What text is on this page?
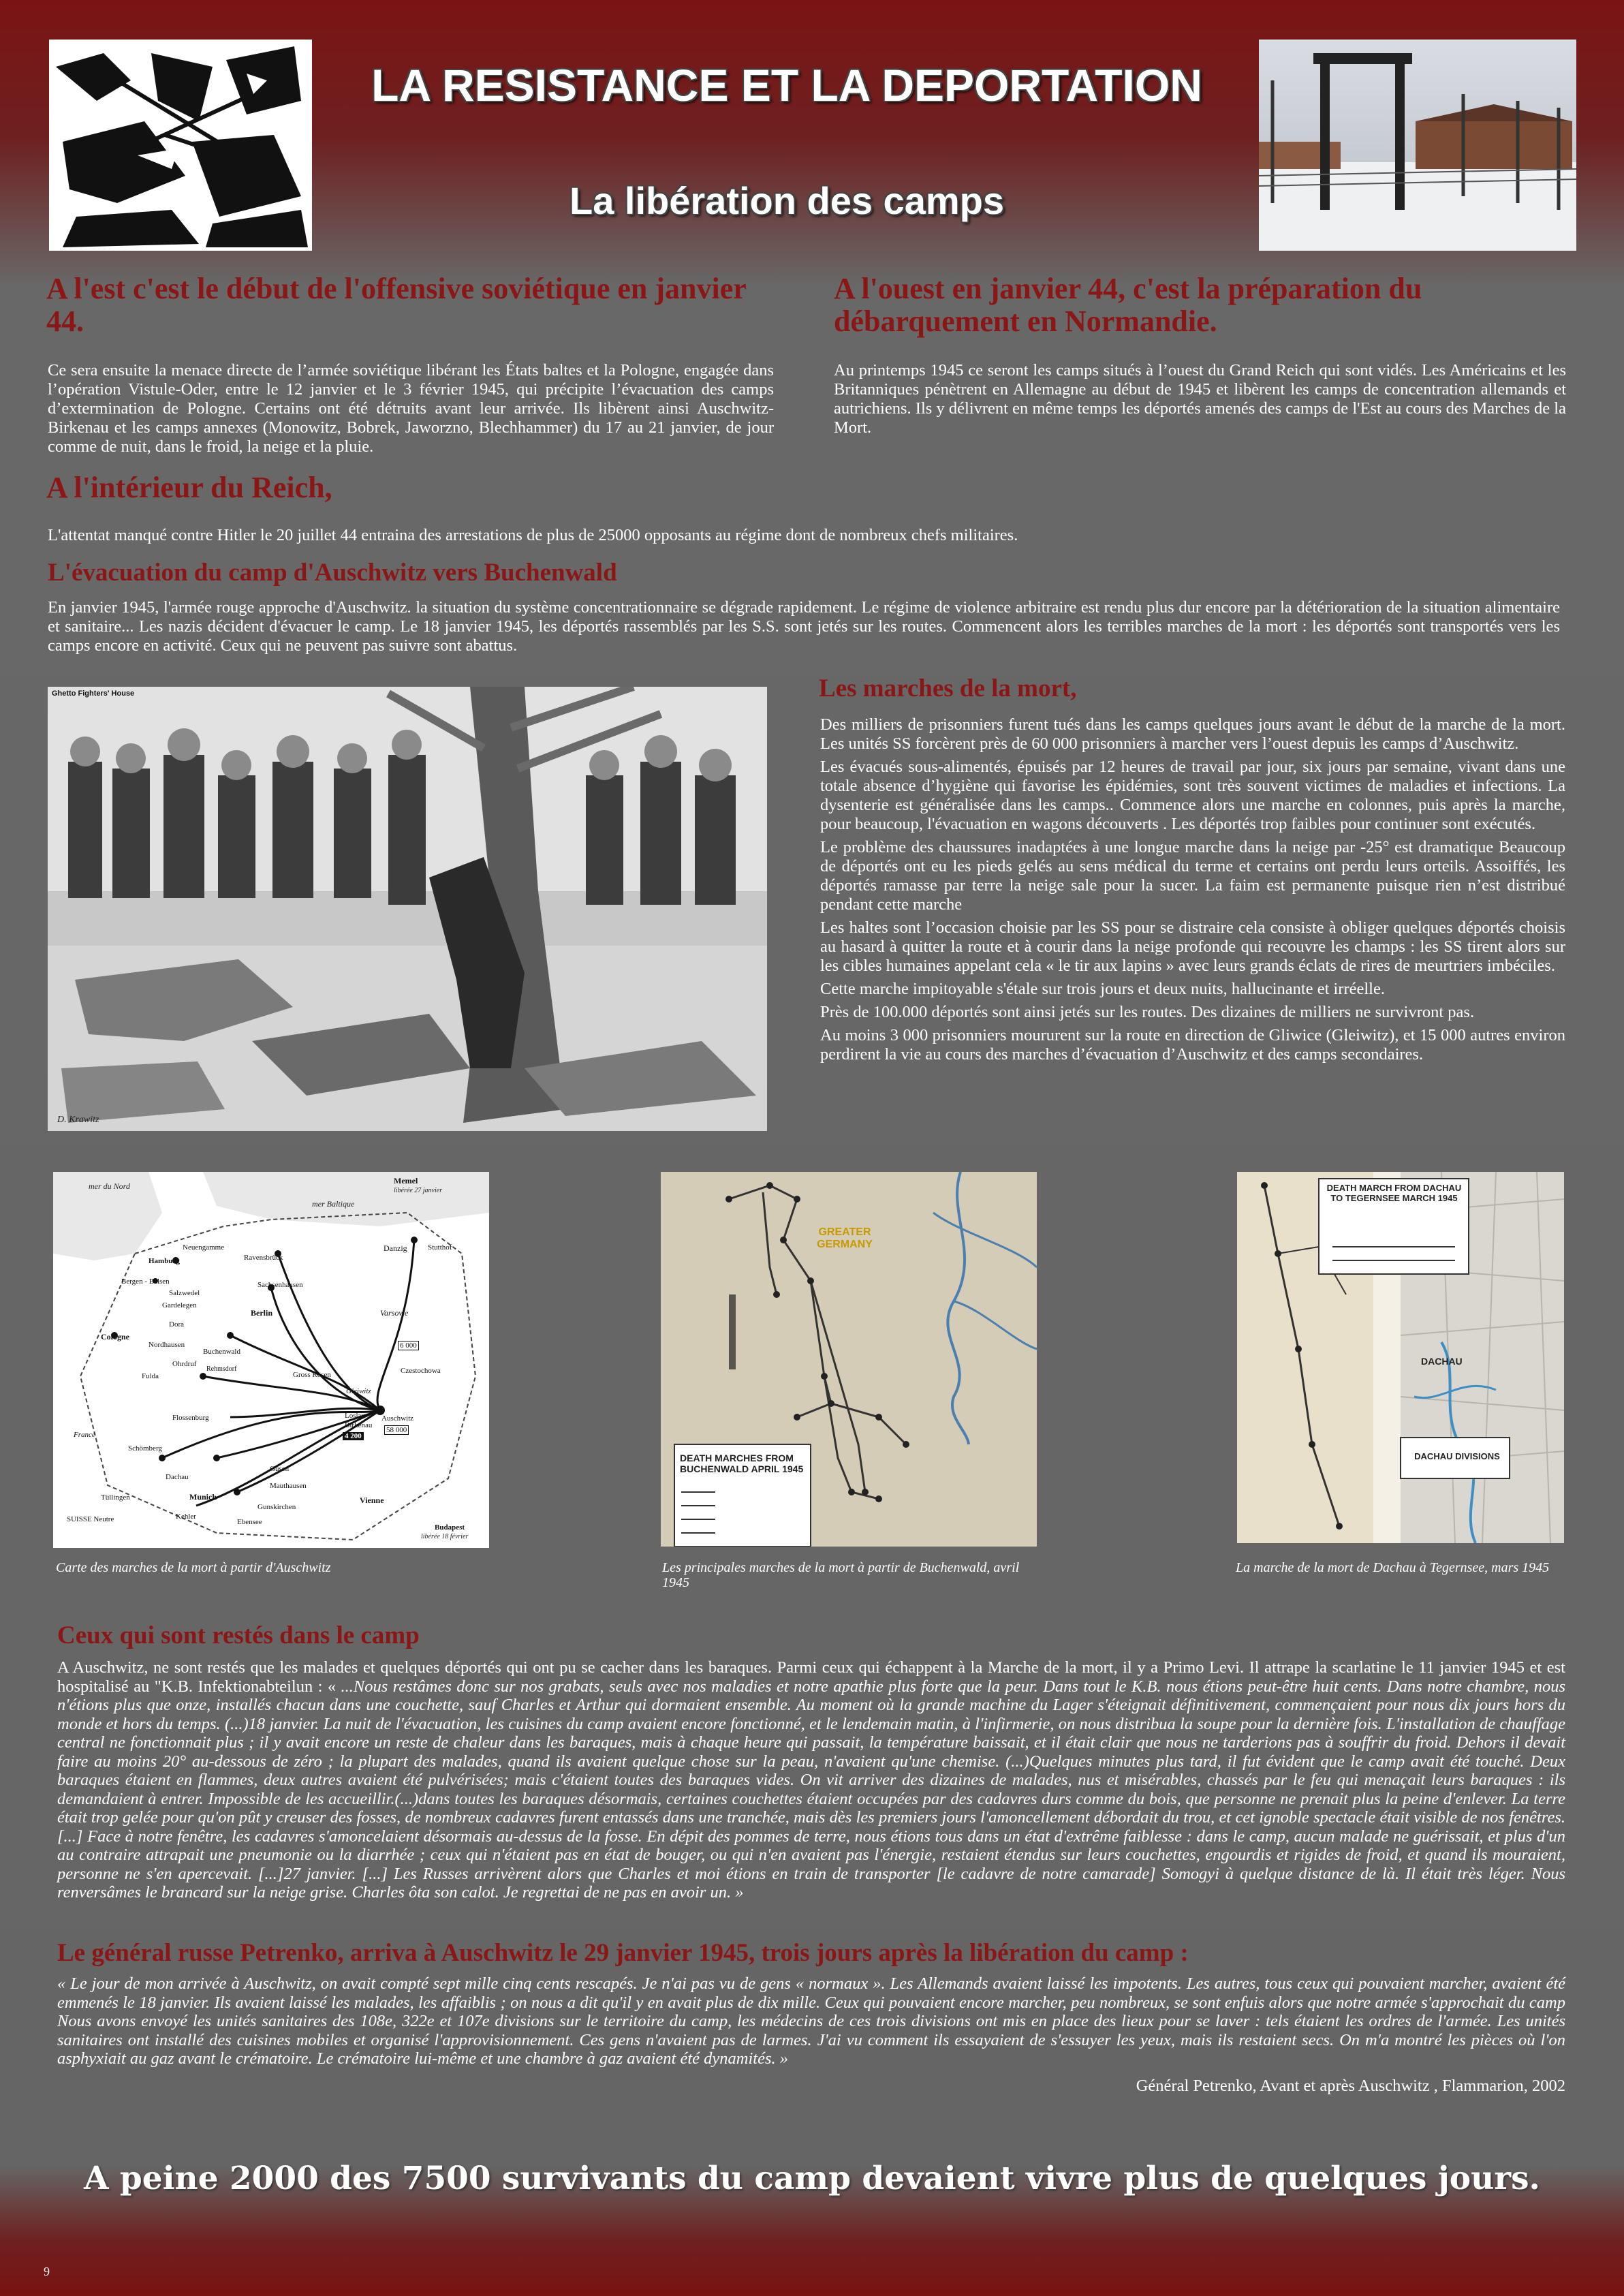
LA RESISTANCE ET LA DEPORTATION
La libération des camps
A l'est c'est le début de l'offensive soviétique en janvier 44.
Ce sera ensuite la menace directe de l’armée soviétique libérant les États baltes et la Pologne, engagée dans l’opération Vistule-Oder, entre le 12 janvier et le 3 février 1945, qui précipite l’évacuation des camps d’extermination de Pologne. Certains ont été détruits avant leur arrivée. Ils libèrent ainsi Auschwitz-Birkenau et les camps annexes (Monowitz, Bobrek, Jaworzno, Blechhammer) du 17 au 21 janvier, de jour comme de nuit, dans le froid, la neige et la pluie.
A l'ouest en janvier 44, c'est la préparation du débarquement en Normandie.
Au printemps 1945 ce seront les camps situés à l’ouest du Grand Reich qui sont vidés. Les Américains et les Britanniques pénètrent en Allemagne au début de 1945 et libèrent les camps de concentration allemands et autrichiens. Ils y délivrent en même temps les déportés amenés des camps de l'Est au cours des Marches de la Mort.
A l'intérieur du Reich,
L'attentat manqué contre Hitler le 20 juillet 44 entraina des arrestations de plus de 25000 opposants au régime dont de nombreux chefs militaires.
L'évacuation du camp d'Auschwitz vers Buchenwald
En janvier 1945, l'armée rouge approche d'Auschwitz. la situation du système concentrationnaire se dégrade rapidement. Le régime de violence arbitraire est rendu plus dur encore par la détérioration de la situation alimentaire et sanitaire... Les nazis décident d'évacuer le camp. Le 18 janvier 1945, les déportés rassemblés par les S.S. sont jetés sur les routes. Commencent alors les terribles marches de la mort : les déportés sont transportés vers les camps encore en activité. Ceux qui ne peuvent pas suivre sont abattus.
Ghetto Fighters' House
D. Krawitz
Les marches de la mort,

Des milliers de prisonniers furent tués dans les camps quelques jours avant le début de la marche de la mort. Les unités SS forcèrent près de 60 000 prisonniers à marcher vers l’ouest depuis les camps d’Auschwitz.

Les évacués sous-alimentés, épuisés par 12 heures de travail par jour, six jours par semaine, vivant dans une totale absence d’hygiène qui favorise les épidémies, sont très souvent victimes de maladies et infections. La dysenterie est généralisée dans les camps.. Commence alors une marche en colonnes, puis après la marche, pour beaucoup, l'évacuation en wagons découverts . Les déportés trop faibles pour continuer sont exécutés.

Le problème des chaussures inadaptées à une longue marche dans la neige par -25° est dramatique Beaucoup de déportés ont eu les pieds gelés au sens médical du terme et certains ont perdu leurs orteils. Assoiffés, les déportés ramasse par terre la neige sale pour la sucer. La faim est permanente puisque rien n’est distribué pendant cette marche

Les haltes sont l’occasion choisie par les SS pour se distraire cela consiste à obliger quelques déportés choisis au hasard à quitter la route et à courir dans la neige profonde qui recouvre les champs : les SS tirent alors sur les cibles humaines appelant cela « le tir aux lapins » avec leurs grands éclats de rires de meurtriers imbéciles.

Cette marche impitoyable s'étale sur trois jours et deux nuits, hallucinante et irréelle.

Près de 100.000 déportés sont ainsi jetés sur les routes. Des dizaines de milliers ne survivront pas.

Au moins 3 000 prisonniers moururent sur la route en direction de Gliwice (Gleiwitz), et 15 000 autres environ perdirent la vie au cours des marches d’évacuation d’Auschwitz et des camps secondaires.

mer du Nord
mer Baltique
Memel
libérée 27 janvier
Danzig	Stutthof
Neuengamme
Ravensbrück
Hamburg
Sachsenhausen
Bergen - Belsen
Salzwedel
Gardelegen
Berlin
Dora
Varsovie
Cologne
Nordhausen
Buchenwald
Ohrdruf
Rehmsdorf
Fulda	Gross Rosen
6 000
Czestochowa
Gleiwitz
Flossenburg	Loslau
Birkenau
4 200
Auschwitz
58 000
France
Schömberg
Dachau
Munich
Gusen
Mauthausen
Vienne
Gunskirchen
Ebensee
Tüllingen
Kehler
SUISSE Neutre
Budapest
libérée 18 février
Carte des marches de la mort à partir d'Auschwitz
GREATER GERMANY
DEATH MARCHES FROM BUCHENWALD APRIL 1945
Les principales marches de la mort à partir de Buchenwald, avril 1945
DEATH MARCH FROM DACHAU TO TEGERNSEE MARCH 1945
DACHAU
DACHAU DIVISIONS
La marche de la mort de Dachau à Tegernsee, mars 1945
Ceux qui sont restés dans le camp
A Auschwitz, ne sont restés que les malades et quelques déportés qui ont pu se cacher dans les baraques. Parmi ceux qui échappent à la Marche de la mort, il y a Primo Levi. Il attrape la scarlatine le 11 janvier 1945 et est hospitalisé au "K.B. Infektionabteilun : « ...Nous restâmes donc sur nos grabats, seuls avec nos maladies et notre apathie plus forte que la peur. Dans tout le K.B. nous étions peut-être huit cents. Dans notre chambre, nous n'étions plus que onze, installés chacun dans une couchette, sauf Charles et Arthur qui dormaient ensemble. Au moment où la grande machine du Lager s'éteignait définitivement, commençaient pour nous dix jours hors du monde et hors du temps. (...)18 janvier. La nuit de l'évacuation, les cuisines du camp avaient encore fonctionné, et le lendemain matin, à l'infirmerie, on nous distribua la soupe pour la dernière fois. L'installation de chauffage central ne fonctionnait plus ; il y avait encore un reste de chaleur dans les baraques, mais à chaque heure qui passait, la température baissait, et il était clair que nous ne tarderions pas à souffrir du froid. Dehors il devait faire au moins 20° au-dessous de zéro ; la plupart des malades, quand ils avaient quelque chose sur la peau, n'avaient qu'une chemise. (...)Quelques minutes plus tard, il fut évident que le camp avait été touché. Deux baraques étaient en flammes, deux autres avaient été pulvérisées; mais c'étaient toutes des baraques vides. On vit arriver des dizaines de malades, nus et misérables, chassés par le feu qui menaçait leurs baraques : ils demandaient à entrer. Impossible de les accueillir.(...)dans toutes les baraques désormais, certaines couchettes étaient occupées par des cadavres durs comme du bois, que personne ne prenait plus la peine d'enlever. La terre était trop gelée pour qu'on pût y creuser des fosses, de nombreux cadavres furent entassés dans une tranchée, mais dès les premiers jours l'amoncellement débordait du trou, et cet ignoble spectacle était visible de nos fenêtres. [...] Face à notre fenêtre, les cadavres s'amoncelaient désormais au-dessus de la fosse. En dépit des pommes de terre, nous étions tous dans un état d'extrême faiblesse : dans le camp, aucun malade ne guérissait, et plus d'un au contraire attrapait une pneumonie ou la diarrhée ; ceux qui n'étaient pas en état de bouger, ou qui n'en avaient pas l'énergie, restaient étendus sur leurs couchettes, engourdis et rigides de froid, et quand ils mouraient, personne ne s'en apercevait. [...]27 janvier. [...] Les Russes arrivèrent alors que Charles et moi étions en train de transporter [le cadavre de notre camarade] Somogyi à quelque distance de là. Il était très léger. Nous renversâmes le brancard sur la neige grise. Charles ôta son calot. Je regrettai de ne pas en avoir un. »
Le général russe Petrenko, arriva à Auschwitz le 29 janvier 1945, trois jours après la libération du camp :
« Le jour de mon arrivée à Auschwitz, on avait compté sept mille cinq cents rescapés. Je n'ai pas vu de gens « normaux ». Les Allemands avaient laissé les impotents. Les autres, tous ceux qui pouvaient marcher, avaient été emmenés le 18 janvier. Ils avaient laissé les malades, les affaiblis ; on nous a dit qu'il y en avait plus de dix mille. Ceux qui pouvaient encore marcher, peu nombreux, se sont enfuis alors que notre armée s'approchait du camp Nous avons envoyé les unités sanitaires des 108e, 322e et 107e divisions sur le territoire du camp, les médecins de ces trois divisions ont mis en place des lieux pour se laver : tels étaient les ordres de l'armée. Les unités sanitaires ont installé des cuisines mobiles et organisé l'approvisionnement. Ces gens n'avaient pas de larmes. J'ai vu comment ils essayaient de s'essuyer les yeux, mais ils restaient secs. On m'a montré les pièces où l'on asphyxiait au gaz avant le crématoire. Le crématoire lui-même et une chambre à gaz avaient été dynamités. »
Général Petrenko, Avant et après Auschwitz , Flammarion, 2002
A peine 2000 des 7500 survivants du camp devaient vivre plus de quelques jours.
9
